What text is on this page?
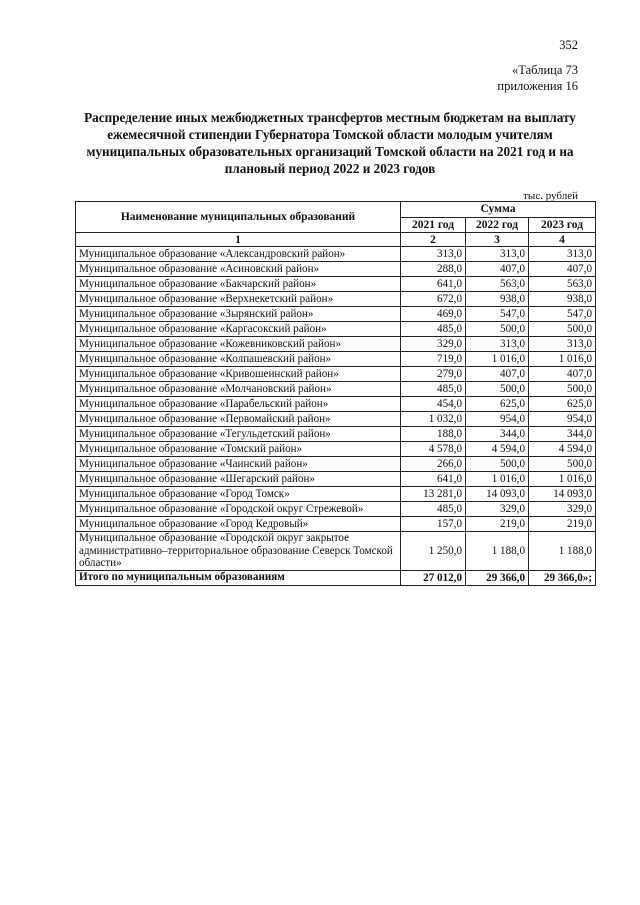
352
«Таблица 73
приложения 16
Распределение иных межбюджетных трансфертов местным бюджетам на выплату ежемесячной стипендии Губернатора Томской области молодым учителям муниципальных образовательных организаций Томской области на 2021 год и на плановый период 2022 и 2023 годов
тыс. рублей
Наименование муниципальных образований	Сумма		
	2021 год	2022 год	2023 год
1	2	3	4
Муниципальное образование «Александровский район»	313,0	313,0	313,0
Муниципальное образование «Асиновский район»	288,0	407,0	407,0
Муниципальное образование «Бакчарский район»	641,0	563,0	563,0
Муниципальное образование «Верхнекетский район»	672,0	938,0	938,0
Муниципальное образование «Зырянский район»	469,0	547,0	547,0
Муниципальное образование «Каргасокский район»	485,0	500,0	500,0
Муниципальное образование «Кожевниковский район»	329,0	313,0	313,0
Муниципальное образование «Колпашевский район»	719,0	1 016,0	1 016,0
Муниципальное образование «Кривошеинский район»	279,0	407,0	407,0
Муниципальное образование «Молчановский район»	485,0	500,0	500,0
Муниципальное образование «Парабельский район»	454,0	625,0	625,0
Муниципальное образование «Первомайский район»	1 032,0	954,0	954,0
Муниципальное образование «Тегульдетский район»	188,0	344,0	344,0
Муниципальное образование «Томский район»	4 578,0	4 594,0	4 594,0
Муниципальное образование «Чаинский район»	266,0	500,0	500,0
Муниципальное образование «Шегарский район»	641,0	1 016,0	1 016,0
Муниципальное образование «Город Томск»	13 281,0	14 093,0	14 093,0
Муниципальное образование «Городской округ Стрежевой»	485,0	329,0	329,0
Муниципальное образование «Город Кедровый»	157,0	219,0	219,0
Муниципальное образование «Городской округ закрытое административно–территориальное образование Северск Томской области»	1 250,0	1 188,0	1 188,0
Итого по муниципальным образованиям	27 012,0	29 366,0	29 366,0»;
